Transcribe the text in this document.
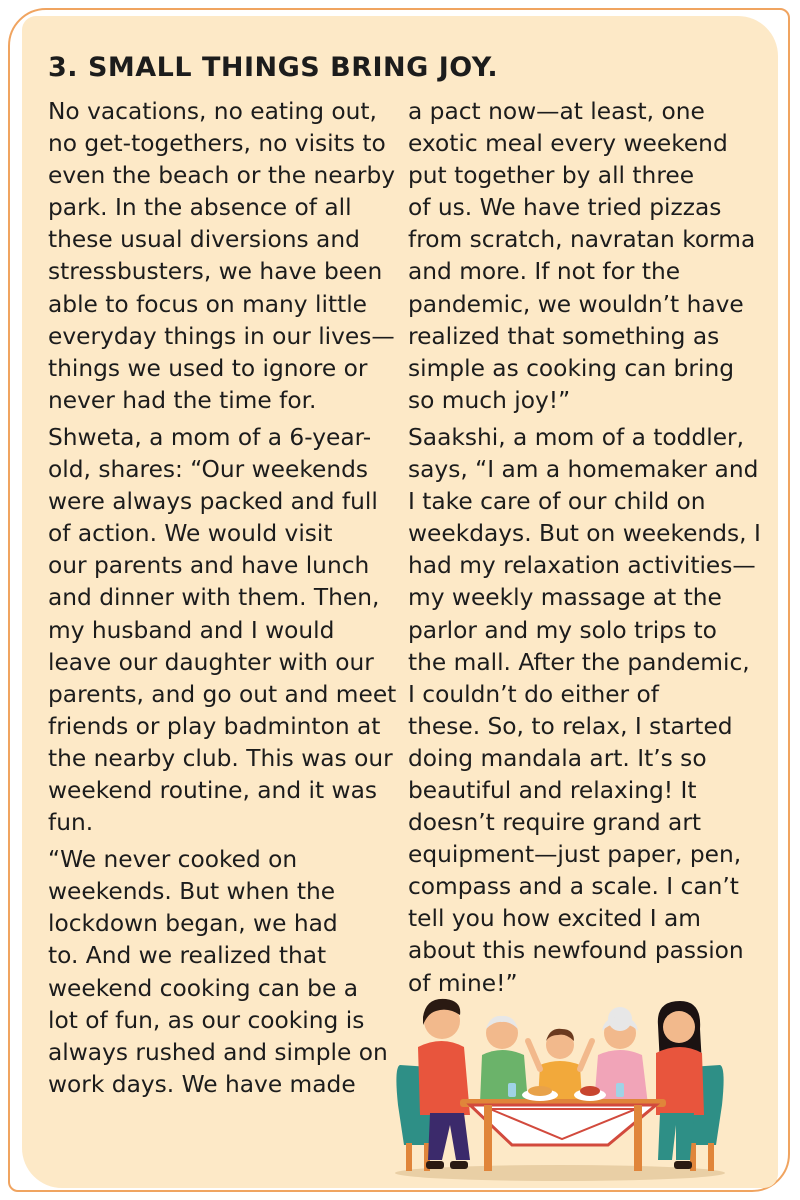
3. SMALL THINGS BRING JOY.

No vacations, no eating out,
no get-togethers, no visits to
even the beach or the nearby
park. In the absence of all
these usual diversions and
stressbusters, we have been
able to focus on many little
everyday things in our lives—
things we used to ignore or
never had the time for.

Shweta, a mom of a 6-year-
old, shares: “Our weekends
were always packed and full
of action. We would visit
our parents and have lunch
and dinner with them. Then,
my husband and I would
leave our daughter with our
parents, and go out and meet
friends or play badminton at
the nearby club. This was our
weekend routine, and it was
fun.

“We never cooked on
weekends. But when the
lockdown began, we had
to. And we realized that
weekend cooking can be a
lot of fun, as our cooking is
always rushed and simple on
work days. We have made

a pact now—at least, one
exotic meal every weekend
put together by all three
of us. We have tried pizzas
from scratch, navratan korma
and more. If not for the
pandemic, we wouldn’t have
realized that something as
simple as cooking can bring
so much joy!”

Saakshi, a mom of a toddler,
says, “I am a homemaker and
I take care of our child on
weekdays. But on weekends, I
had my relaxation activities—
my weekly massage at the
parlor and my solo trips to
the mall. After the pandemic,
I couldn’t do either of
these. So, to relax, I started
doing mandala art. It’s so
beautiful and relaxing! It
doesn’t require grand art
equipment—just paper, pen,
compass and a scale. I can’t
tell you how excited I am
about this newfound passion
of mine!”
